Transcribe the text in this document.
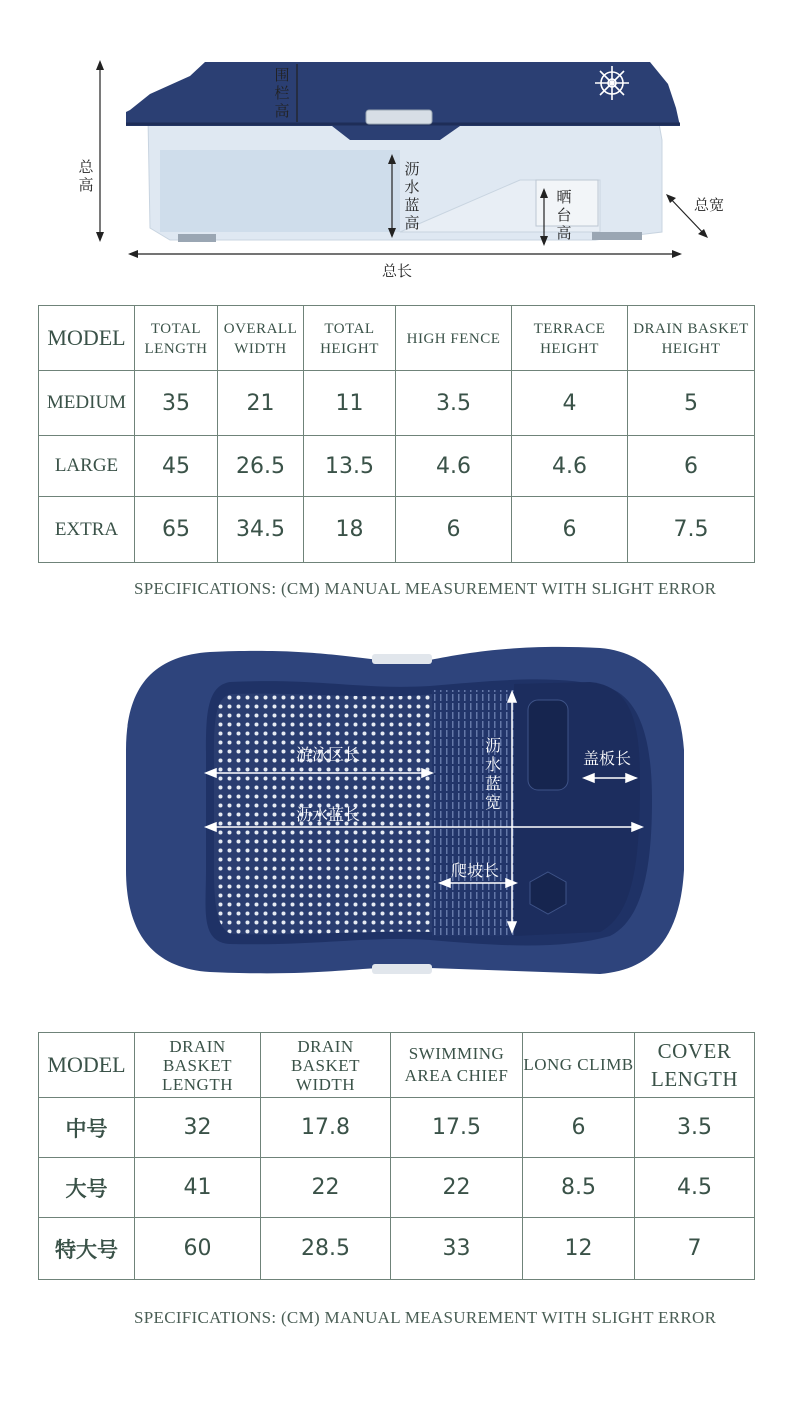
总高
围栏高
沥水蓝高
晒台高
总宽
总长
MODEL	TOTAL LENGTH	OVERALL WIDTH	TOTAL HEIGHT	HIGH FENCE	TERRACE HEIGHT	DRAIN BASKET HEIGHT
MEDIUM	35	21	11	3.5	4	5
LARGE	45	26.5	13.5	4.6	4.6	6
EXTRA	65	34.5	18	6	6	7.5
SPECIFICATIONS: (CM) MANUAL MEASUREMENT WITH SLIGHT ERROR
游泳区长
沥水蓝长
沥水蓝宽
盖板长
爬坡长
MODEL	DRAIN BASKET LENGTH	DRAIN BASKET WIDTH	SWIMMING AREA CHIEF	LONG CLIMB	COVER LENGTH
中号	32	17.8	17.5	6	3.5
大号	41	22	22	8.5	4.5
特大号	60	28.5	33	12	7
SPECIFICATIONS: (CM) MANUAL MEASUREMENT WITH SLIGHT ERROR
